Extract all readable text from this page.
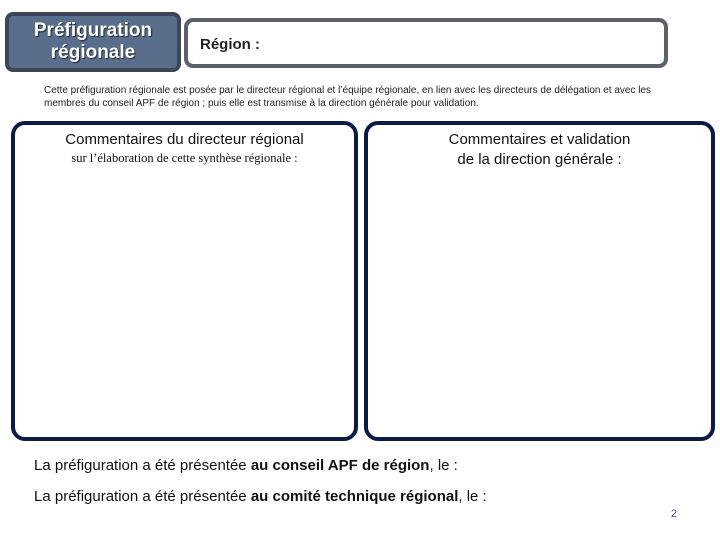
Préfiguration
régionale	Région :
Cette préfiguration régionale est posée par le directeur régional et l’équipe régionale, en lien avec les directeurs de délégation et avec les membres du conseil APF de région ; puis elle est transmise à la direction générale pour validation.
Commentaires du directeur régional
sur l’élaboration de cette synthèse régionale :
Commentaires et validation
de la direction générale :
La préfiguration a été présentée au conseil APF de région, le :
La préfiguration a été présentée au comité technique régional, le :
2
